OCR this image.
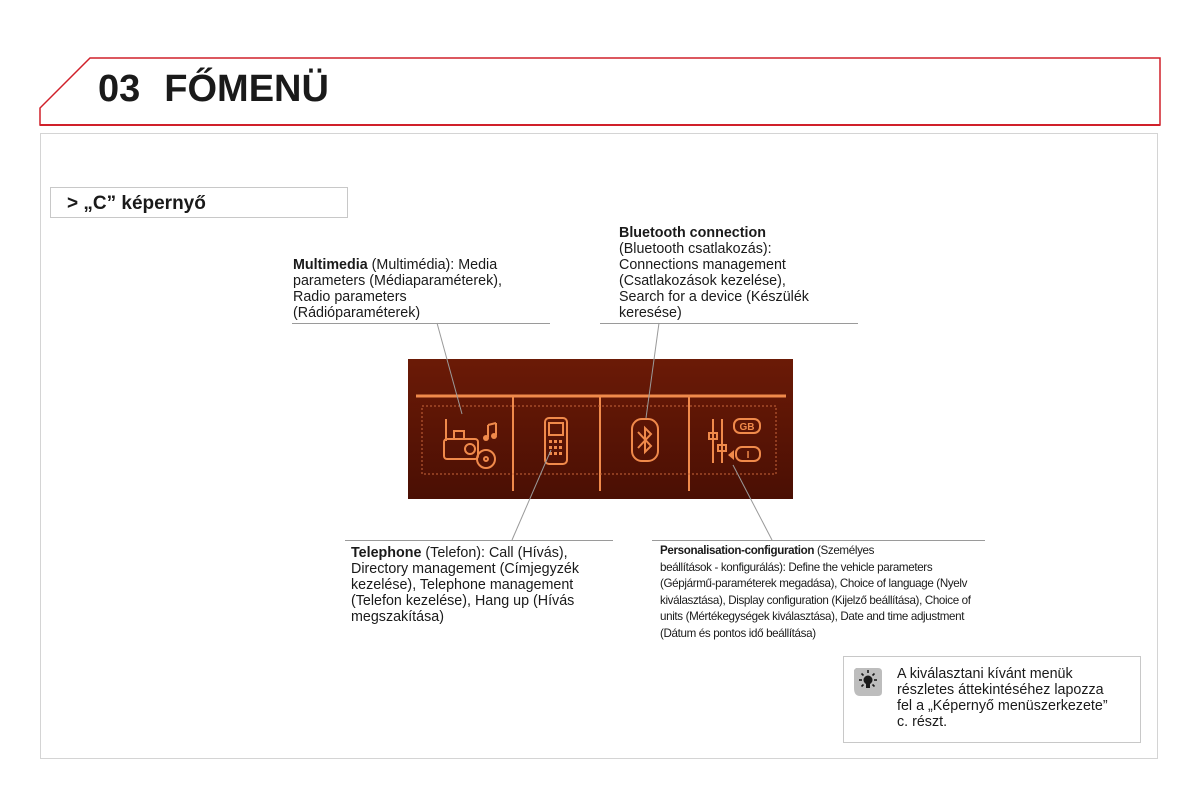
03 FŐMENÜ
> „C” képernyő
Multimedia (Multimédia): Media
parameters (Médiaparaméterek),
Radio parameters
(Rádióparaméterek)
Bluetooth connection
(Bluetooth csatlakozás):
Connections management
(Csatlakozások kezelése),
Search for a device (Készülék
keresése)
Telephone (Telefon): Call (Hívás),
Directory management (Címjegyzék
kezelése), Telephone management
(Telefon kezelése), Hang up (Hívás
megszakítása)
Personalisation-configuration (Személyes
beállítások - konfigurálás): Define the vehicle parameters
(Gépjármű-paraméterek megadása), Choice of language (Nyelv
kiválasztása), Display configuration (Kijelző beállítása), Choice of
units (Mértékegységek kiválasztása), Date and time adjustment
(Dátum és pontos idő beállítása)
GB
I
A kiválasztani kívánt menük
részletes áttekintéséhez lapozza
fel a „Képernyő menüszerkezete”
c. részt.
